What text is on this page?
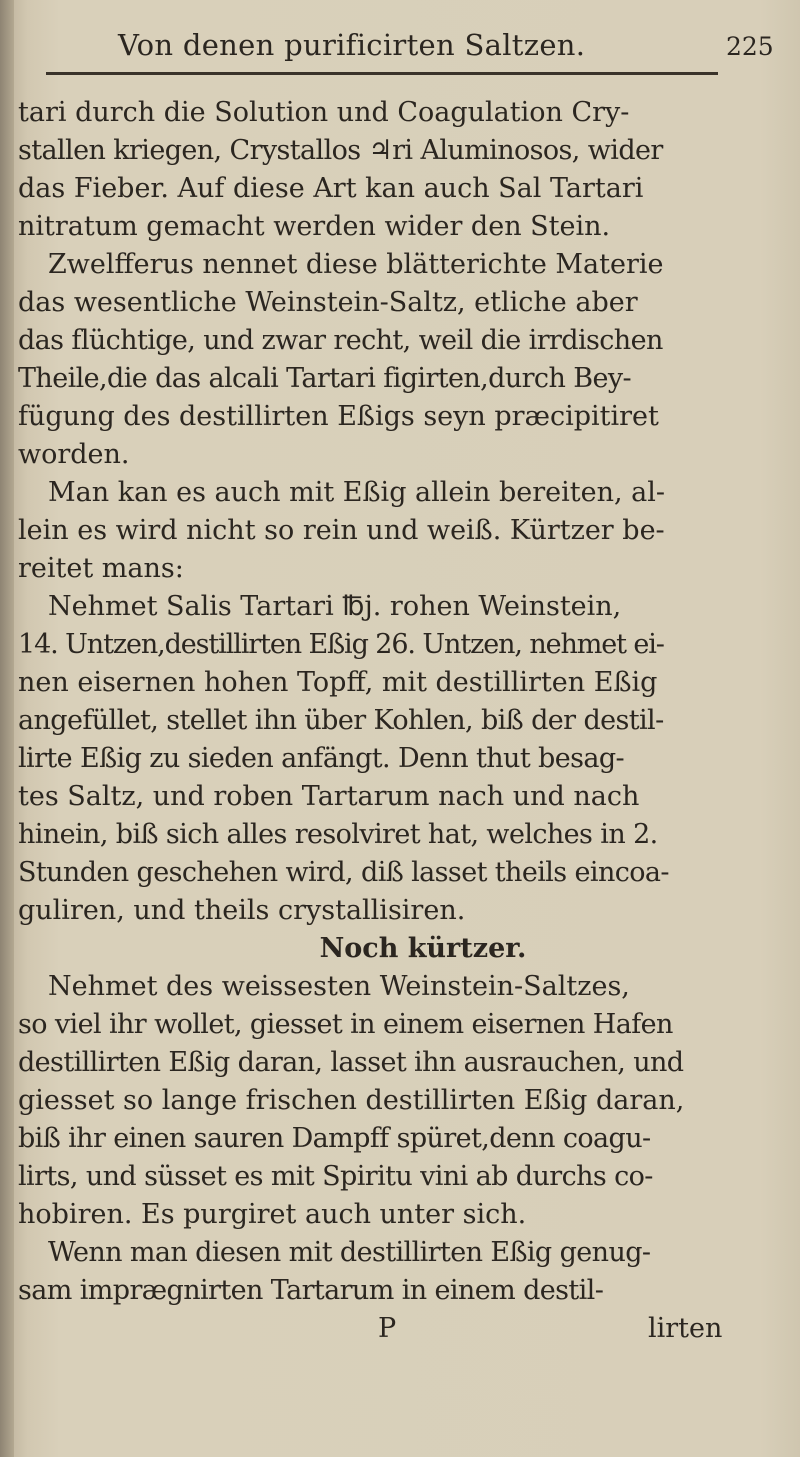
Von denen purificirten Saltzen.	225
tari durch die Solution und Coagulation Cry-
stallen kriegen, Crystallos ♃ri Aluminosos, wider
das Fieber. Auf diese Art kan auch Sal Tartari
nitratum gemacht werden wider den Stein.
Zwelfferus nennet diese blätterichte Materie
das wesentliche Weinstein-Saltz, etliche aber
das flüchtige, und zwar recht, weil die irrdischen
Theile,die das alcali Tartari figirten,durch Bey-
fügung des destillirten Eßigs seyn præcipitiret
worden.
Man kan es auch mit Eßig allein bereiten, al-
lein es wird nicht so rein und weiß. Kürtzer be-
reitet mans:
Nehmet Salis Tartari ℔j. rohen Weinstein,
14. Untzen,destillirten Eßig 26. Untzen, nehmet ei-
nen eisernen hohen Topff, mit destillirten Eßig
angefüllet, stellet ihn über Kohlen, biß der destil-
lirte Eßig zu sieden anfängt. Denn thut besag-
tes Saltz, und roben Tartarum nach und nach
hinein, biß sich alles resolviret hat, welches in 2.
Stunden geschehen wird, diß lasset theils eincoa-
guliren, und theils crystallisiren.
Noch kürtzer.
Nehmet des weissesten Weinstein-Saltzes,
so viel ihr wollet, giesset in einem eisernen Hafen
destillirten Eßig daran, lasset ihn ausrauchen, und
giesset so lange frischen destillirten Eßig daran,
biß ihr einen sauren Dampff spüret,denn coagu-
lirts, und süsset es mit Spiritu vini ab durchs co-
hobiren. Es purgiret auch unter sich.
Wenn man diesen mit destillirten Eßig genug-
sam imprægnirten Tartarum in einem destil-
P	lirten
